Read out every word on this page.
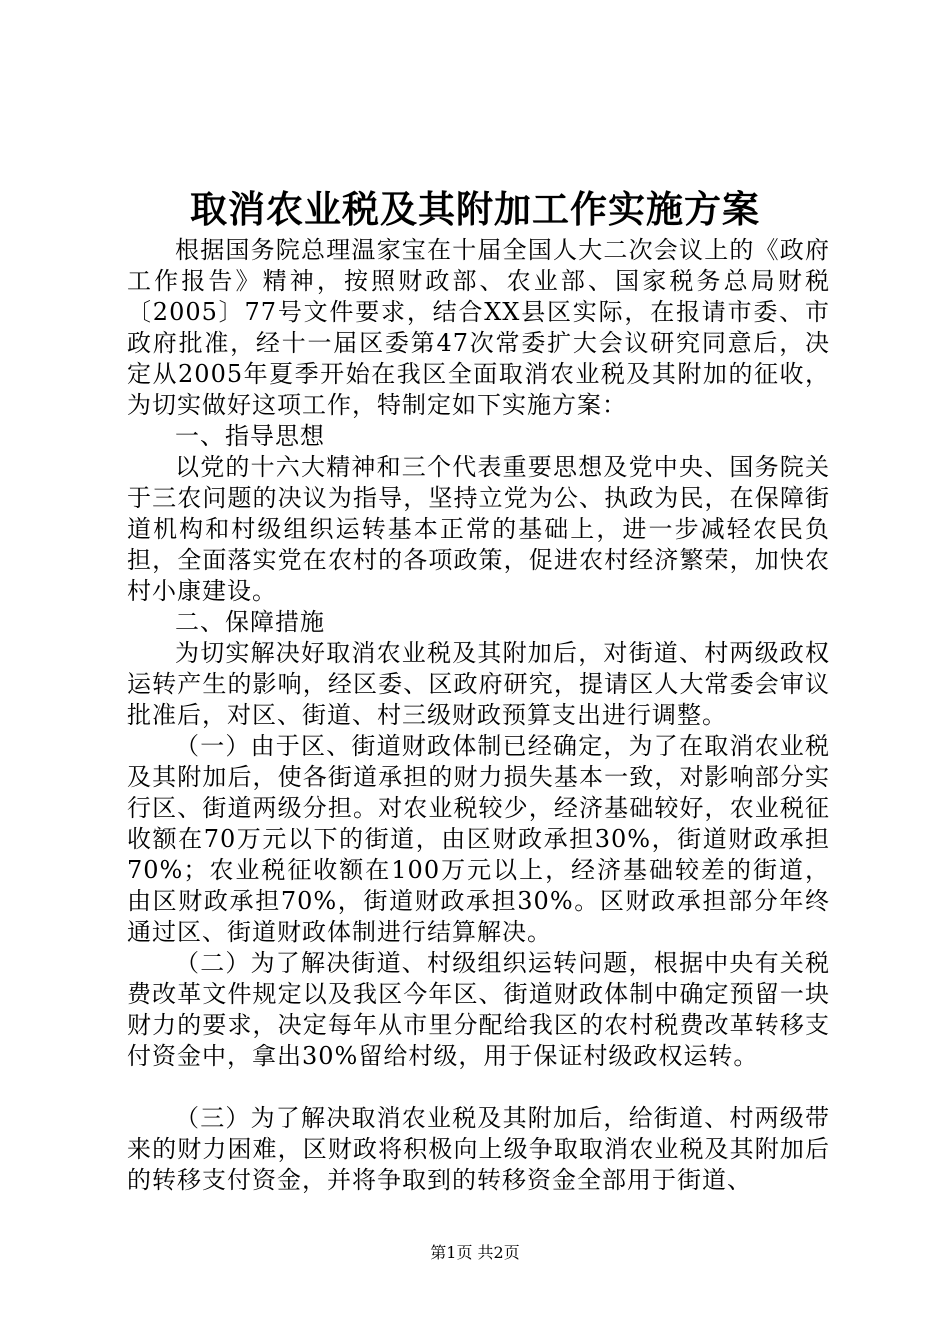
取消农业税及其附加工作实施方案

根据国务院总理温家宝在十届全国人大二次会议上的《政府工作报告》精神，按照财政部、农业部、国家税务总局财税〔2005〕77号文件要求，结合XX县区实际，在报请市委、市政府批准，经十一届区委第47次常委扩大会议研究同意后，决定从2005年夏季开始在我区全面取消农业税及其附加的征收，为切实做好这项工作，特制定如下实施方案：

一、指导思想

以党的十六大精神和三个代表重要思想及党中央、国务院关于三农问题的决议为指导，坚持立党为公、执政为民，在保障街道机构和村级组织运转基本正常的基础上，进一步减轻农民负担，全面落实党在农村的各项政策，促进农村经济繁荣，加快农村小康建设。

二、保障措施

为切实解决好取消农业税及其附加后，对街道、村两级政权运转产生的影响，经区委、区政府研究，提请区人大常委会审议批准后，对区、街道、村三级财政预算支出进行调整。

（一）由于区、街道财政体制已经确定，为了在取消农业税及其附加后，使各街道承担的财力损失基本一致，对影响部分实行区、街道两级分担。对农业税较少，经济基础较好，农业税征收额在70万元以下的街道，由区财政承担30%，街道财政承担70%；农业税征收额在100万元以上，经济基础较差的街道，由区财政承担70%，街道财政承担30%。区财政承担部分年终通过区、街道财政体制进行结算解决。

（二）为了解决街道、村级组织运转问题，根据中央有关税费改革文件规定以及我区今年区、街道财政体制中确定预留一块财力的要求，决定每年从市里分配给我区的农村税费改革转移支付资金中，拿出30%留给村级，用于保证村级政权运转。

（三）为了解决取消农业税及其附加后，给街道、村两级带来的财力困难，区财政将积极向上级争取取消农业税及其附加后的转移支付资金，并将争取到的转移资金全部用于街道、

第1页 共2页
